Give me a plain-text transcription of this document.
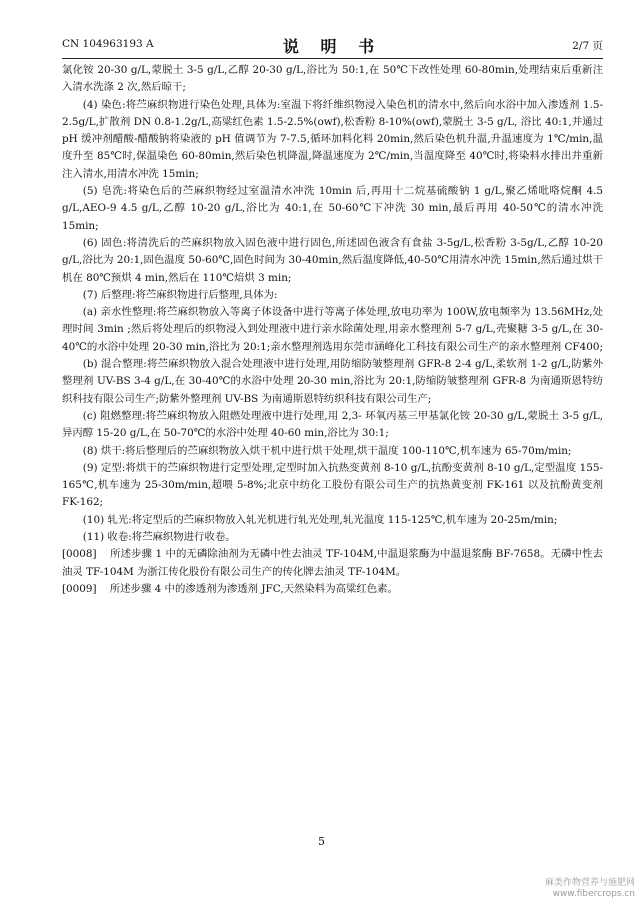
CN 104963193 A	说 明 书	2/7 页

氯化铵 20-30 g/L,蒙脱土 3-5 g/L,乙醇 20-30 g/L,浴比为 50:1,在 50℃下改性处理 60-80min,处理结束后重新注入清水洗涤 2 次,然后晾干;

(4) 染色:将苎麻织物进行染色处理,具体为:室温下将纤维织物浸入染色机的清水中,然后向水浴中加入渗透剂 1.5-2.5g/L,扩散剂 DN 0.8-1.2g/L,高粱红色素 1.5-2.5%(owf),松香粉 8-10%(owf),蒙脱土 3-5 g/L, 浴比 40:1,并通过 pH 缓冲剂醋酸-醋酸钠将染液的 pH 值调节为 7-7.5,循环加料化料 20min,然后染色机升温,升温速度为 1℃/min,温度升至 85℃时,保温染色 60-80min,然后染色机降温,降温速度为 2℃/min,当温度降至 40℃时,将染料水排出并重新注入清水,用清水冲洗 15min;

(5) 皂洗:将染色后的苎麻织物经过室温清水冲洗 10min 后,再用十二烷基硫酸钠 1 g/L,聚乙烯吡咯烷酮 4.5 g/L,AEO-9 4.5 g/L,乙醇 10-20 g/L,浴比为 40:1,在 50-60℃下冲洗 30 min,最后再用 40-50℃的清水冲洗 15min;

(6) 固色:将清洗后的苎麻织物放入固色液中进行固色,所述固色液含有食盐 3-5g/L,松香粉 3-5g/L,乙醇 10-20 g/L,浴比为 20:1,固色温度 50-60℃,固色时间为 30-40min,然后温度降低,40-50℃用清水冲洗 15min,然后通过烘干机在 80℃预烘 4 min,然后在 110℃焙烘 3 min;

(7) 后整理:将苎麻织物进行后整理,具体为:

(a) 亲水性整理:将苎麻织物放入等离子体设备中进行等离子体处理,放电功率为 100W,放电频率为 13.56MHz,处理时间 3min ;然后将处理后的织物浸入到处理液中进行亲水除菌处理,用亲水整理剂 5-7 g/L,壳聚糖 3-5 g/L,在 30-40℃的水浴中处理 20-30 min,浴比为 20:1;亲水整理剂选用东莞市涵峰化工科技有限公司生产的亲水整理剂 CF400;

(b) 混合整理:将苎麻织物放入混合处理液中进行处理,用防缩防皱整理剂 GFR-8 2-4 g/L,柔软剂 1-2 g/L,防紫外整理剂 UV-BS 3-4 g/L,在 30-40℃的水浴中处理 20-30 min,浴比为 20:1,防缩防皱整理剂 GFR-8 为南通斯恩特纺织科技有限公司生产;防紫外整理剂 UV-BS 为南通斯恩特纺织科技有限公司生产;

(c) 阻燃整理:将苎麻织物放入阻燃处理液中进行处理,用 2,3- 环氧丙基三甲基氯化铵 20-30 g/L,蒙脱土 3-5 g/L,异丙醇 15-20 g/L,在 50-70℃的水浴中处理 40-60 min,浴比为 30:1;

(8) 烘干:将后整理后的苎麻织物放入烘干机中进行烘干处理,烘干温度 100-110℃,机车速为 65-70m/min;

(9) 定型:将烘干的苎麻织物进行定型处理,定型时加入抗热变黄剂 8-10 g/L,抗酚变黄剂 8-10 g/L,定型温度 155-165℃,机车速为 25-30m/min,超喂 5-8%;北京中纺化工股份有限公司生产的抗热黄变剂 FK-161 以及抗酚黄变剂 FK-162;

(10) 轧光:将定型后的苎麻织物放入轧光机进行轧光处理,轧光温度 115-125℃,机车速为 20-25m/min;

(11) 收卷:将苎麻织物进行收卷。

[0008] 所述步骤 1 中的无磷除油剂为无磷中性去油灵 TF-104M,中温退浆酶为中温退浆酶 BF-7658。无磷中性去油灵 TF-104M 为浙江传化股份有限公司生产的传化牌去油灵 TF-104M。

[0009] 所述步骤 4 中的渗透剂为渗透剂 JFC,天然染料为高粱红色素。

5
麻类作物营养与施肥网
www.fibercrops.cn
